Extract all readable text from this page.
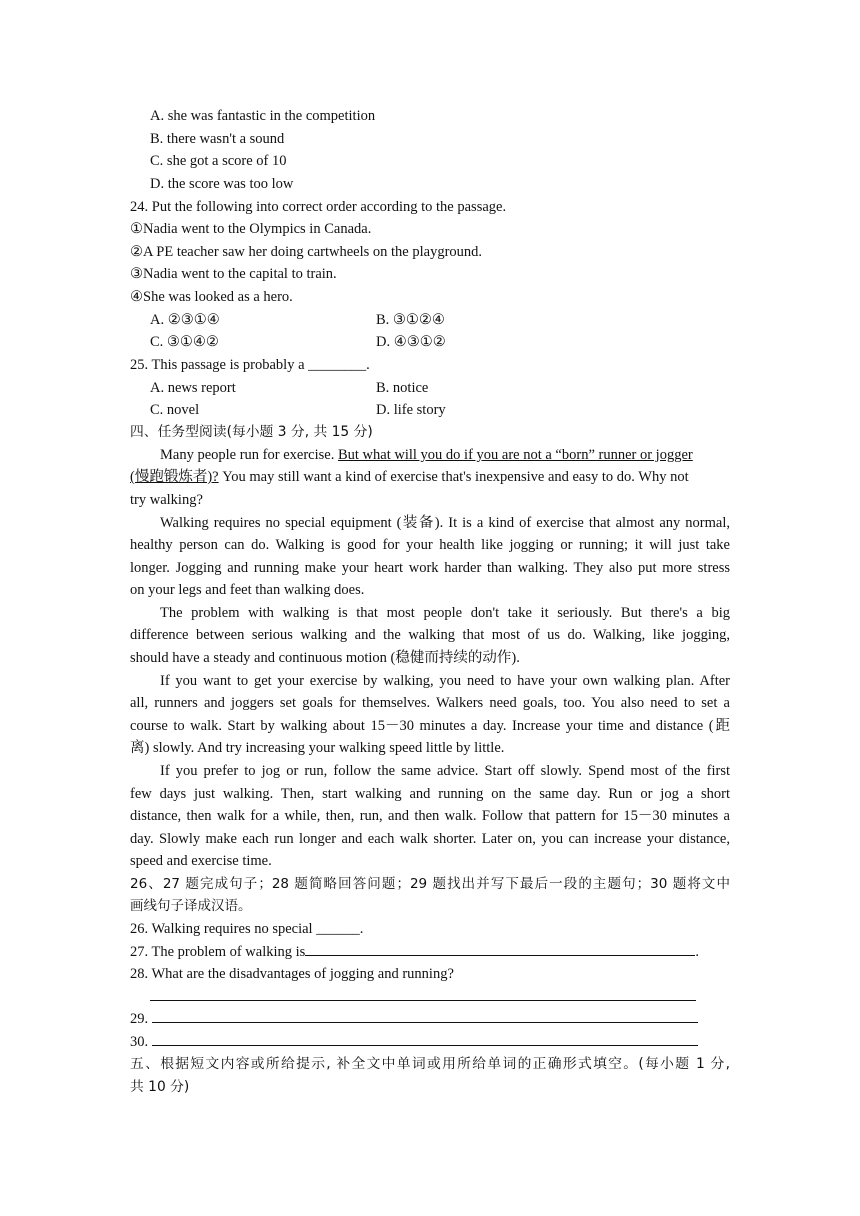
A. she was fantastic in the competition
B. there wasn't a sound
C. she got a score of 10
D. the score was too low
24. Put the following into correct order according to the passage.
①Nadia went to the Olympics in Canada.
②A PE teacher saw her doing cartwheels on the playground.
③Nadia went to the capital to train.
④She was looked as a hero.
A. ②③①④	B. ③①②④
C. ③①④②	D. ④③①②
25. This passage is probably a ________.
A. news report	B. notice
C. novel	D. life story
四、任务型阅读(每小题 3 分, 共 15 分)
Many people run for exercise. But what will you do if you are not a “born” runner or jogger
(慢跑锻炼者)? You may still want a kind of exercise that's inexpensive and easy to do. Why not
try walking?
Walking requires no special equipment (装备). It is a kind of exercise that almost any normal,
healthy person can do. Walking is good for your health like jogging or running; it will just take
longer. Jogging and running make your heart work harder than walking. They also put more stress
on your legs and feet than walking does.
The problem with walking is that most people don't take it seriously. But there's a big
difference between serious walking and the walking that most of us do. Walking, like jogging,
should have a steady and continuous motion (稳健而持续的动作).
If you want to get your exercise by walking, you need to have your own walking plan. After
all, runners and joggers set goals for themselves. Walkers need goals, too. You also need to set a
course to walk. Start by walking about 15－30 minutes a day. Increase your time and distance (距
离) slowly. And try increasing your walking speed little by little.
If you prefer to jog or run, follow the same advice. Start off slowly. Spend most of the first
few days just walking. Then, start walking and running on the same day. Run or jog a short
distance, then walk for a while, then, run, and then walk. Follow that pattern for 15－30 minutes a
day. Slowly make each run longer and each walk shorter. Later on, you can increase your distance,
speed and exercise time.
26、27 题完成句子；28 题简略回答问题；29 题找出并写下最后一段的主题句；30 题将文中
画线句子译成汉语。
26. Walking requires no special ______.
27. The problem of walking is	.
28. What are the disadvantages of jogging and running?
29.
30.
五、根据短文内容或所给提示, 补全文中单词或用所给单词的正确形式填空。(每小题 1 分,
共 10 分)
